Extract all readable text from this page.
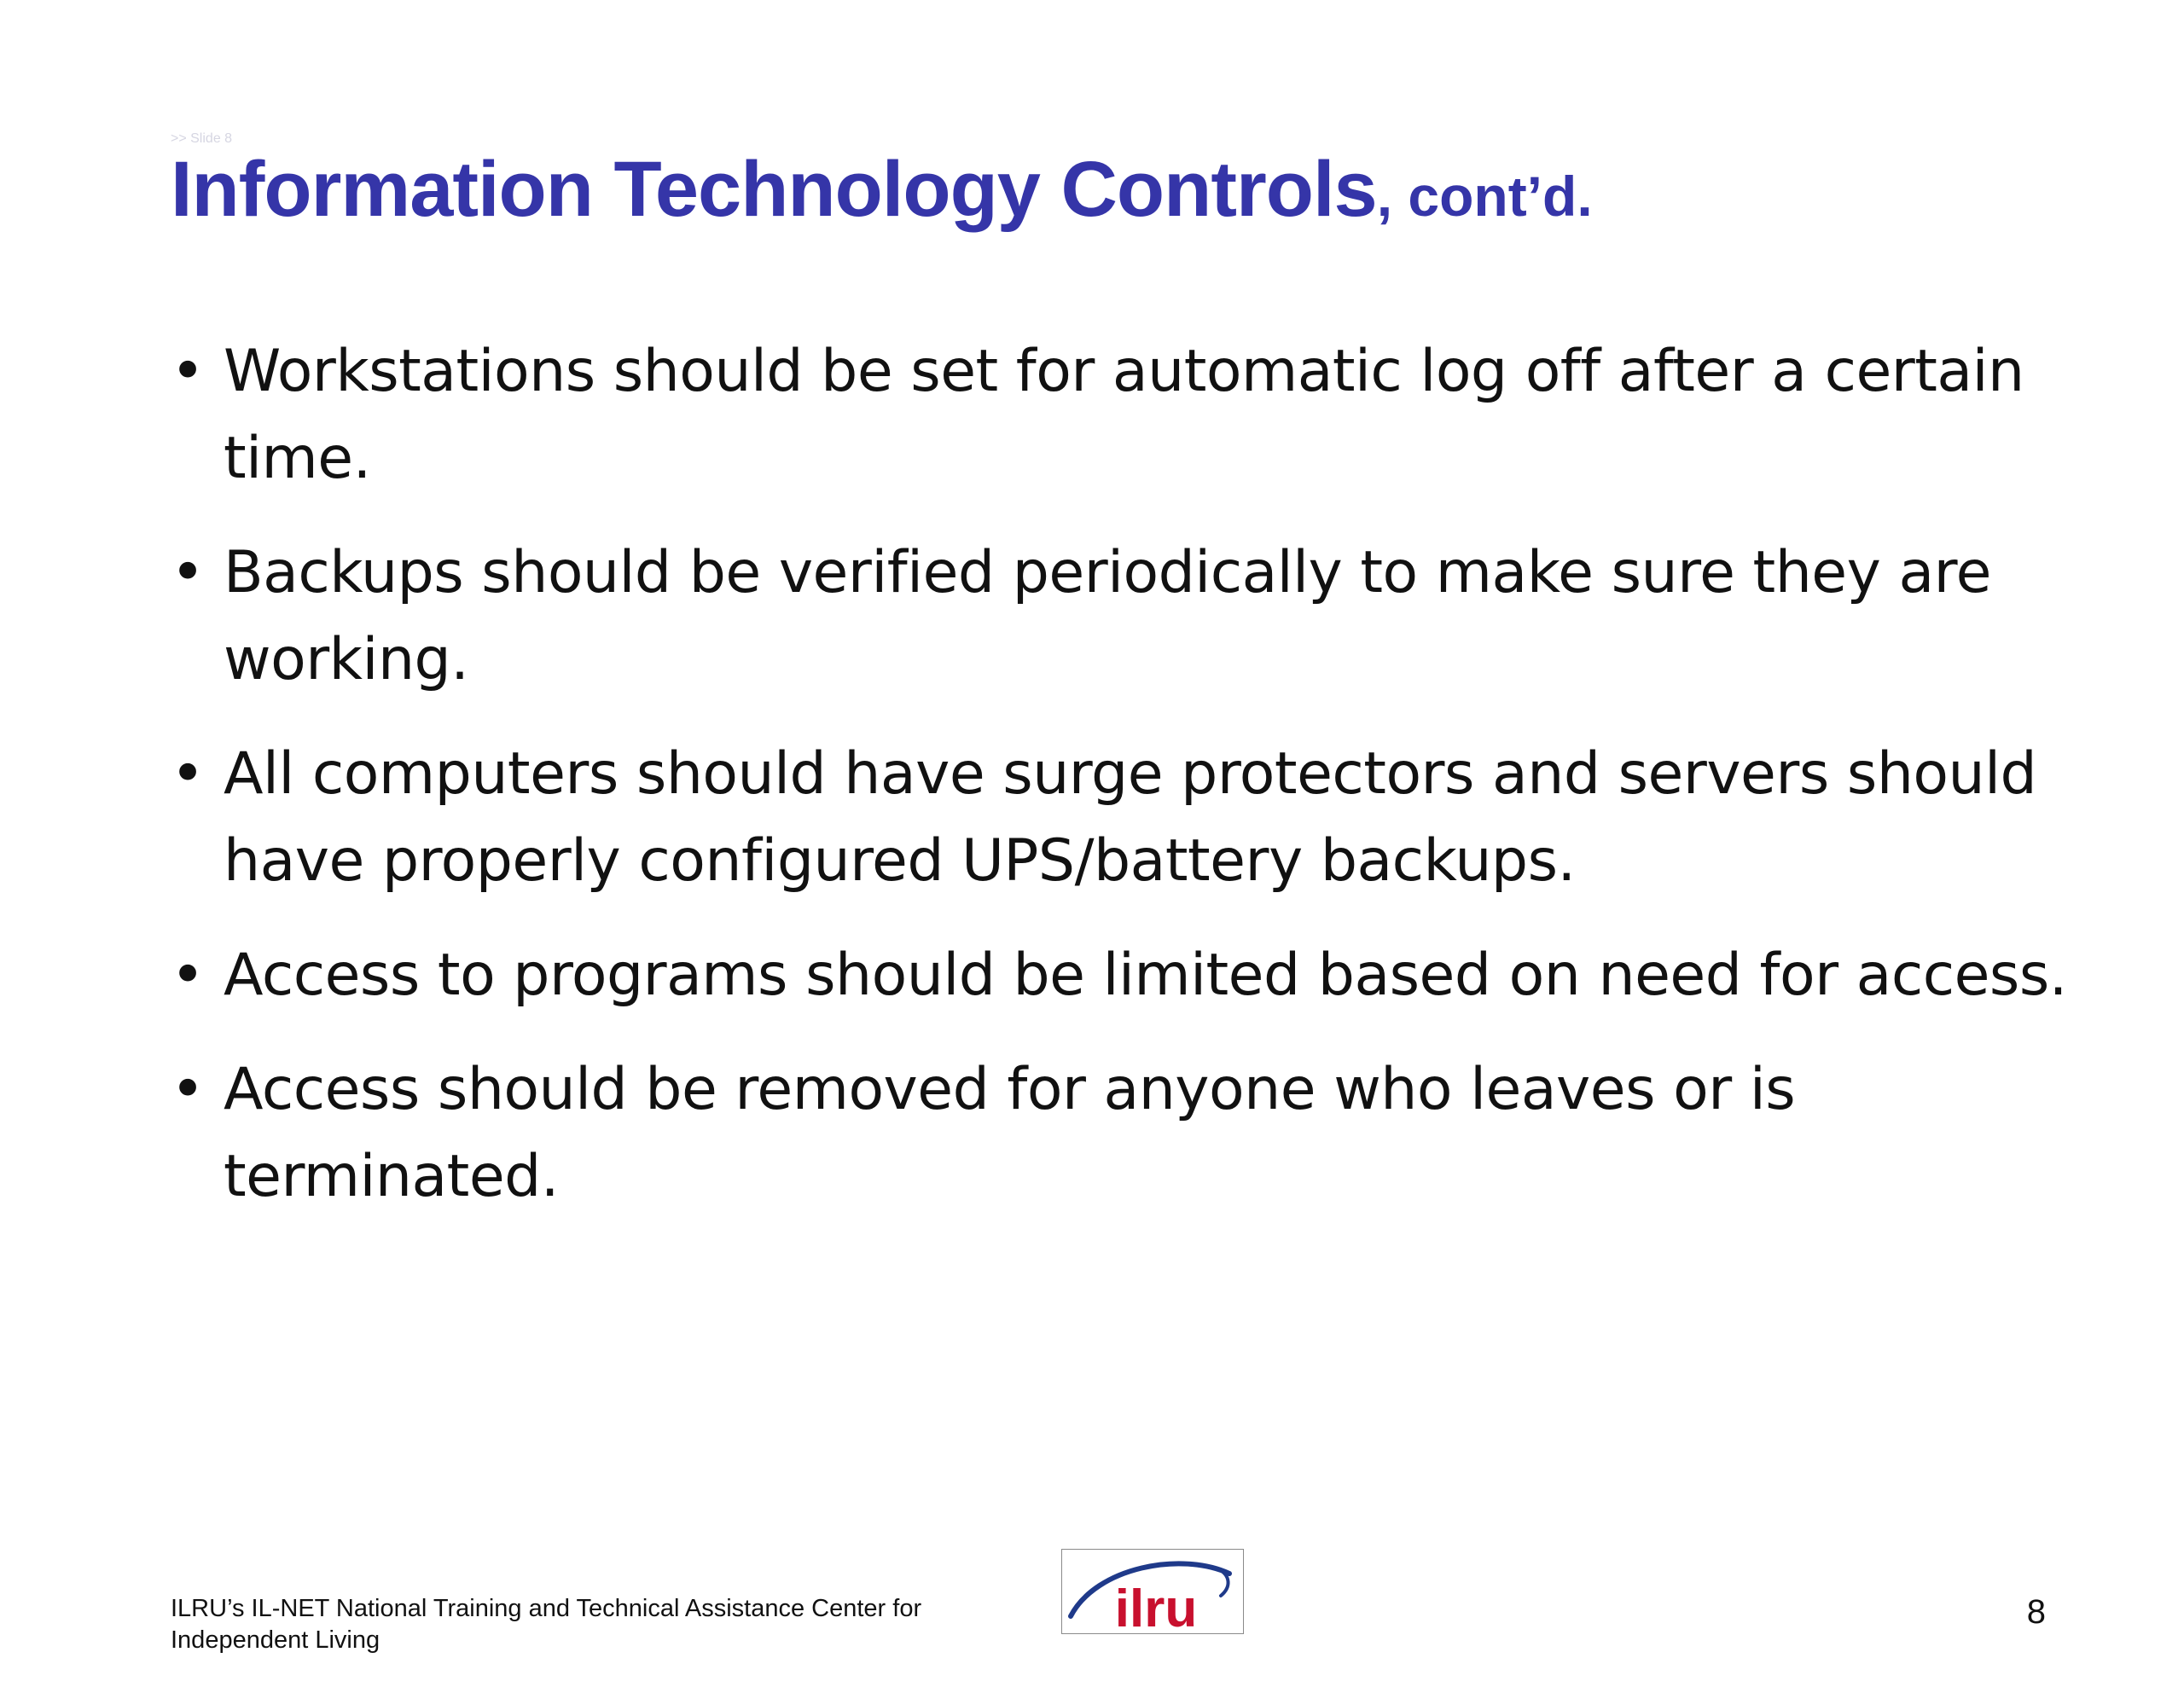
>> Slide 8
Information Technology Controls, cont’d.
• Workstations should be set for automatic log off after a certain time.
• Backups should be verified periodically to make sure they are working.
• All computers should have surge protectors and servers should have properly configured UPS/battery backups.
• Access to programs should be limited based on need for access.
• Access should be removed for anyone who leaves or is terminated.
ILRU’s IL-NET National Training and Technical Assistance Center for Independent Living
ilru	8
